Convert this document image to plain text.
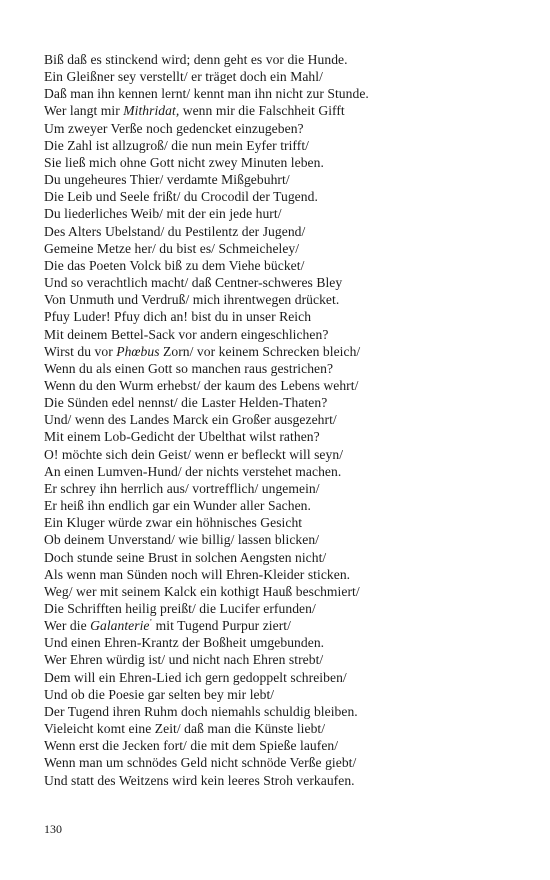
Biß daß es stinckend wird; denn geht es vor die Hunde.
Ein Gleißner sey verstellt/ er träget doch ein Mahl/
Daß man ihn kennen lernt/ kennt man ihn nicht zur Stunde.
Wer langt mir Mithridat, wenn mir die Falschheit Gifft
Um zweyer Verße noch gedencket einzugeben?
Die Zahl ist allzugroß/ die nun mein Eyfer trifft/
Sie ließ mich ohne Gott nicht zwey Minuten leben.
Du ungeheures Thier/ verdamte Mißgebuhrt/
Die Leib und Seele frißt/ du Crocodil der Tugend.
Du liederliches Weib/ mit der ein jede hurt/
Des Alters Ubelstand/ du Pestilentz der Jugend/
Gemeine Metze her/ du bist es/ Schmeicheley/
Die das Poeten Volck biß zu dem Viehe bücket/
Und so verachtlich macht/ daß Centner-schweres Bley
Von Unmuth und Verdruß/ mich ihrentwegen drücket.
Pfuy Luder! Pfuy dich an! bist du in unser Reich
Mit deinem Bettel-Sack vor andern eingeschlichen?
Wirst du vor Phœbus Zorn/ vor keinem Schrecken bleich/
Wenn du als einen Gott so manchen raus gestrichen?
Wenn du den Wurm erhebst/ der kaum des Lebens wehrt/
Die Sünden edel nennst/ die Laster Helden-Thaten?
Und/ wenn des Landes Marck ein Großer ausgezehrt/
Mit einem Lob-Gedicht der Ubelthat wilst rathen?
O! möchte sich dein Geist/ wenn er befleckt will seyn/
An einen Lumven-Hund/ der nichts verstehet machen.
Er schrey ihn herrlich aus/ vortrefflich/ ungemein/
Er heiß ihn endlich gar ein Wunder aller Sachen.
Ein Kluger würde zwar ein höhnisches Gesicht
Ob deinem Unverstand/ wie billig/ lassen blicken/
Doch stunde seine Brust in solchen Aengsten nicht/
Als wenn man Sünden noch will Ehren-Kleider sticken.
Weg/ wer mit seinem Kalck ein kothigt Hauß beschmiert/
Die Schrifften heilig preißt/ die Lucifer erfunden/
Wer die Galanterie’ mit Tugend Purpur ziert/
Und einen Ehren-Krantz der Boßheit umgebunden.
Wer Ehren würdig ist/ und nicht nach Ehren strebt/
Dem will ein Ehren-Lied ich gern gedoppelt schreiben/
Und ob die Poesie gar selten bey mir lebt/
Der Tugend ihren Ruhm doch niemahls schuldig bleiben.
Vieleicht komt eine Zeit/ daß man die Künste liebt/
Wenn erst die Jecken fort/ die mit dem Spieße laufen/
Wenn man um schnödes Geld nicht schnöde Verße giebt/
Und statt des Weitzens wird kein leeres Stroh verkaufen.
130
